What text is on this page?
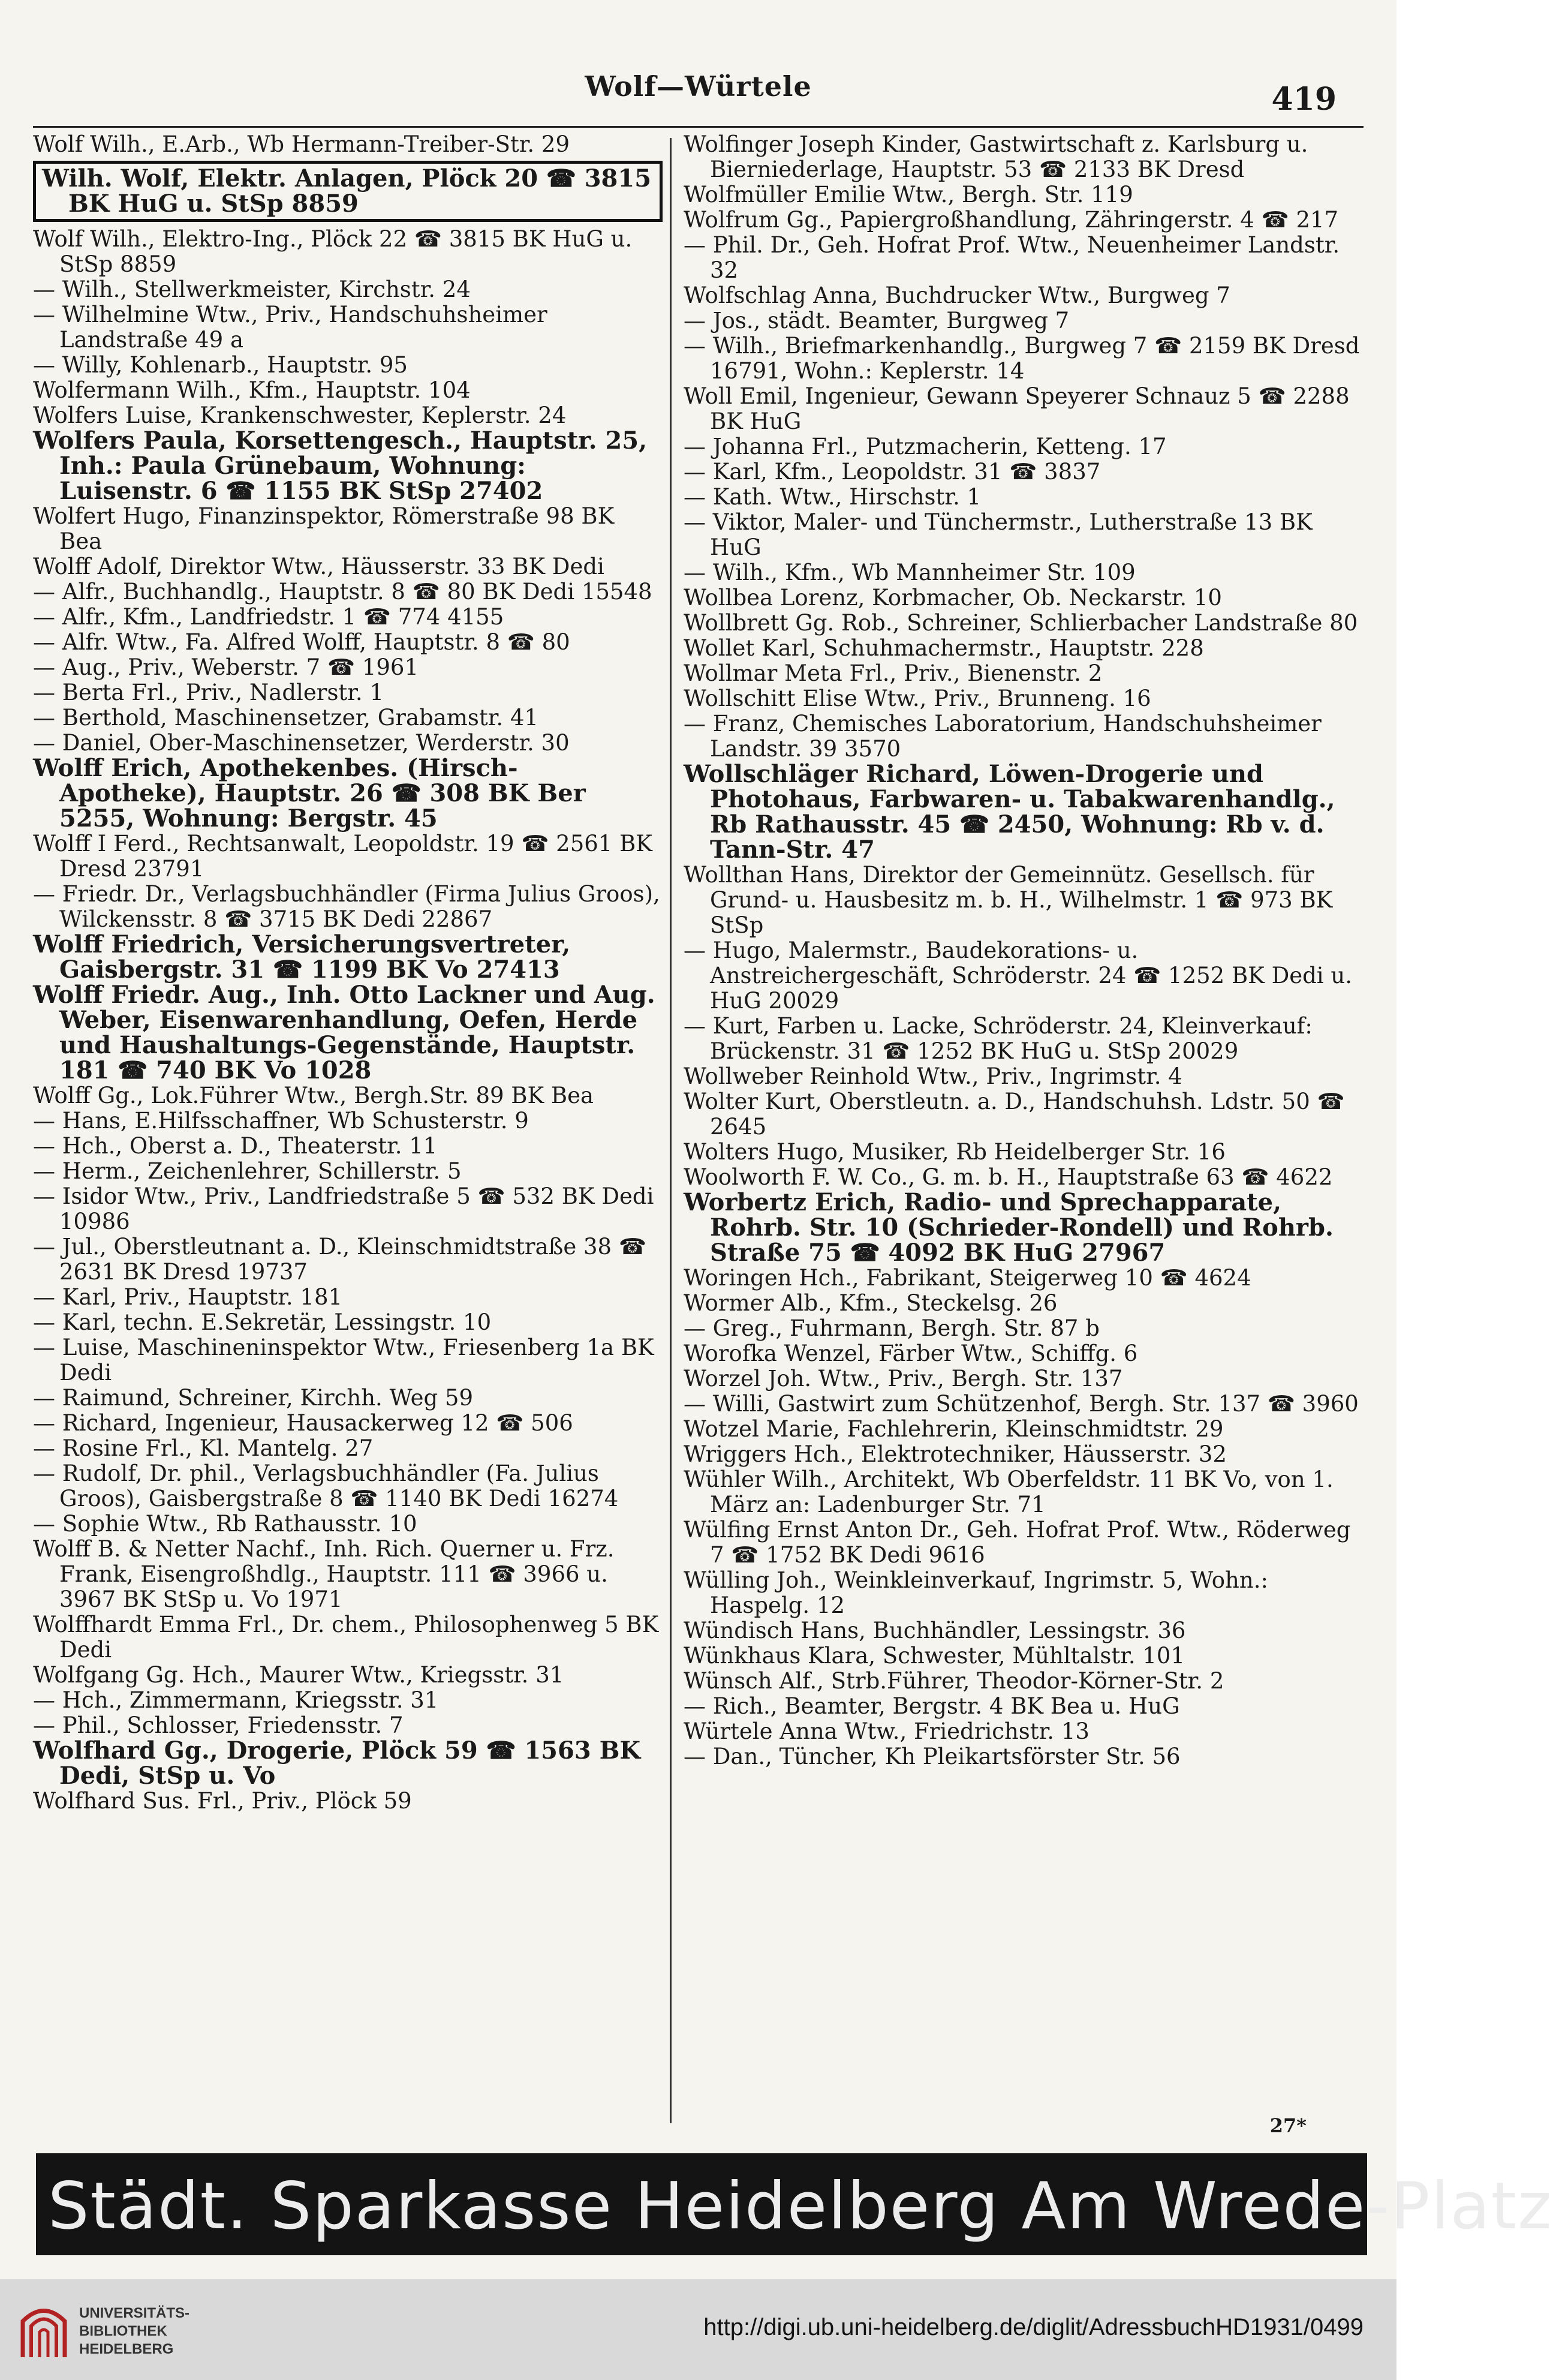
Wolf—Würtele	419

Wolf Wilh., E.Arb., Wb Hermann-Treiber-Str. 29

Wilh. Wolf, Elektr. Anlagen, Plöck 20 ☎ 3815 BK HuG u. StSp 8859

Wolf Wilh., Elektro-Ing., Plöck 22 ☎ 3815 BK HuG u. StSp 8859

— Wilh., Stellwerkmeister, Kirchstr. 24

— Wilhelmine Wtw., Priv., Handschuhsheimer Landstraße 49 a

— Willy, Kohlenarb., Hauptstr. 95

Wolfermann Wilh., Kfm., Hauptstr. 104

Wolfers Luise, Krankenschwester, Keplerstr. 24

Wolfers Paula, Korsettengesch., Hauptstr. 25, Inh.: Paula Grünebaum, Wohnung: Luisenstr. 6 ☎ 1155 BK StSp 27402

Wolfert Hugo, Finanzinspektor, Römerstraße 98 BK Bea

Wolff Adolf, Direktor Wtw., Häusserstr. 33 BK Dedi

— Alfr., Buchhandlg., Hauptstr. 8 ☎ 80 BK Dedi 15548

— Alfr., Kfm., Landfriedstr. 1 ☎ 774 4155

— Alfr. Wtw., Fa. Alfred Wolff, Hauptstr. 8 ☎ 80

— Aug., Priv., Weberstr. 7 ☎ 1961

— Berta Frl., Priv., Nadlerstr. 1

— Berthold, Maschinensetzer, Grabamstr. 41

— Daniel, Ober-Maschinensetzer, Werderstr. 30

Wolff Erich, Apothekenbes. (Hirsch-Apotheke), Hauptstr. 26 ☎ 308 BK Ber 5255, Wohnung: Bergstr. 45

Wolff I Ferd., Rechtsanwalt, Leopoldstr. 19 ☎ 2561 BK Dresd 23791

— Friedr. Dr., Verlagsbuchhändler (Firma Julius Groos), Wilckensstr. 8 ☎ 3715 BK Dedi 22867

Wolff Friedrich, Versicherungsvertreter, Gaisbergstr. 31 ☎ 1199 BK Vo 27413

Wolff Friedr. Aug., Inh. Otto Lackner und Aug. Weber, Eisenwarenhandlung, Oefen, Herde und Haushaltungs-Gegenstände, Hauptstr. 181 ☎ 740 BK Vo 1028

Wolff Gg., Lok.Führer Wtw., Bergh.Str. 89 BK Bea

— Hans, E.Hilfsschaffner, Wb Schusterstr. 9

— Hch., Oberst a. D., Theaterstr. 11

— Herm., Zeichenlehrer, Schillerstr. 5

— Isidor Wtw., Priv., Landfriedstraße 5 ☎ 532 BK Dedi 10986

— Jul., Oberstleutnant a. D., Kleinschmidtstraße 38 ☎ 2631 BK Dresd 19737

— Karl, Priv., Hauptstr. 181

— Karl, techn. E.Sekretär, Lessingstr. 10

— Luise, Maschineninspektor Wtw., Friesenberg 1a BK Dedi

— Raimund, Schreiner, Kirchh. Weg 59

— Richard, Ingenieur, Hausackerweg 12 ☎ 506

— Rosine Frl., Kl. Mantelg. 27

— Rudolf, Dr. phil., Verlagsbuchhändler (Fa. Julius Groos), Gaisbergstraße 8 ☎ 1140 BK Dedi 16274

— Sophie Wtw., Rb Rathausstr. 10

Wolff B. & Netter Nachf., Inh. Rich. Querner u. Frz. Frank, Eisengroßhdlg., Hauptstr. 111 ☎ 3966 u. 3967 BK StSp u. Vo 1971

Wolffhardt Emma Frl., Dr. chem., Philosophenweg 5 BK Dedi

Wolfgang Gg. Hch., Maurer Wtw., Kriegsstr. 31

— Hch., Zimmermann, Kriegsstr. 31

— Phil., Schlosser, Friedensstr. 7

Wolfhard Gg., Drogerie, Plöck 59 ☎ 1563 BK Dedi, StSp u. Vo

Wolfhard Sus. Frl., Priv., Plöck 59

Wolfinger Joseph Kinder, Gastwirtschaft z. Karlsburg u. Bierniederlage, Hauptstr. 53 ☎ 2133 BK Dresd

Wolfmüller Emilie Wtw., Bergh. Str. 119

Wolfrum Gg., Papiergroßhandlung, Zähringerstr. 4 ☎ 217

— Phil. Dr., Geh. Hofrat Prof. Wtw., Neuenheimer Landstr. 32

Wolfschlag Anna, Buchdrucker Wtw., Burgweg 7

— Jos., städt. Beamter, Burgweg 7

— Wilh., Briefmarkenhandlg., Burgweg 7 ☎ 2159 BK Dresd 16791, Wohn.: Keplerstr. 14

Woll Emil, Ingenieur, Gewann Speyerer Schnauz 5 ☎ 2288 BK HuG

— Johanna Frl., Putzmacherin, Ketteng. 17

— Karl, Kfm., Leopoldstr. 31 ☎ 3837

— Kath. Wtw., Hirschstr. 1

— Viktor, Maler- und Tünchermstr., Lutherstraße 13 BK HuG

— Wilh., Kfm., Wb Mannheimer Str. 109

Wollbea Lorenz, Korbmacher, Ob. Neckarstr. 10

Wollbrett Gg. Rob., Schreiner, Schlierbacher Landstraße 80

Wollet Karl, Schuhmachermstr., Hauptstr. 228

Wollmar Meta Frl., Priv., Bienenstr. 2

Wollschitt Elise Wtw., Priv., Brunneng. 16

— Franz, Chemisches Laboratorium, Handschuhsheimer Landstr. 39 3570

Wollschläger Richard, Löwen-Drogerie und Photohaus, Farbwaren- u. Tabakwarenhandlg., Rb Rathausstr. 45 ☎ 2450, Wohnung: Rb v. d. Tann-Str. 47

Wollthan Hans, Direktor der Gemeinnütz. Gesellsch. für Grund- u. Hausbesitz m. b. H., Wilhelmstr. 1 ☎ 973 BK StSp

— Hugo, Malermstr., Baudekorations- u. Anstreichergeschäft, Schröderstr. 24 ☎ 1252 BK Dedi u. HuG 20029

— Kurt, Farben u. Lacke, Schröderstr. 24, Kleinverkauf: Brückenstr. 31 ☎ 1252 BK HuG u. StSp 20029

Wollweber Reinhold Wtw., Priv., Ingrimstr. 4

Wolter Kurt, Oberstleutn. a. D., Handschuhsh. Ldstr. 50 ☎ 2645

Wolters Hugo, Musiker, Rb Heidelberger Str. 16

Woolworth F. W. Co., G. m. b. H., Hauptstraße 63 ☎ 4622

Worbertz Erich, Radio- und Sprechapparate, Rohrb. Str. 10 (Schrieder-Rondell) und Rohrb. Straße 75 ☎ 4092 BK HuG 27967

Woringen Hch., Fabrikant, Steigerweg 10 ☎ 4624

Wormer Alb., Kfm., Steckelsg. 26

— Greg., Fuhrmann, Bergh. Str. 87 b

Worofka Wenzel, Färber Wtw., Schiffg. 6

Worzel Joh. Wtw., Priv., Bergh. Str. 137

— Willi, Gastwirt zum Schützenhof, Bergh. Str. 137 ☎ 3960

Wotzel Marie, Fachlehrerin, Kleinschmidtstr. 29

Wriggers Hch., Elektrotechniker, Häusserstr. 32

Wühler Wilh., Architekt, Wb Oberfeldstr. 11 BK Vo, von 1. März an: Ladenburger Str. 71

Wülfing Ernst Anton Dr., Geh. Hofrat Prof. Wtw., Röderweg 7 ☎ 1752 BK Dedi 9616

Wülling Joh., Weinkleinverkauf, Ingrimstr. 5, Wohn.: Haspelg. 12

Wündisch Hans, Buchhändler, Lessingstr. 36

Wünkhaus Klara, Schwester, Mühltalstr. 101

Wünsch Alf., Strb.Führer, Theodor-Körner-Str. 2

— Rich., Beamter, Bergstr. 4 BK Bea u. HuG

Würtele Anna Wtw., Friedrichstr. 13

— Dan., Tüncher, Kh Pleikartsförster Str. 56

27*
Städt. Sparkasse Heidelberg Am Wrede-Platz
UNIVERSITÄTS-
BIBLIOTHEK
HEIDELBERG
http://digi.ub.uni-heidelberg.de/diglit/AdressbuchHD1931/0499
